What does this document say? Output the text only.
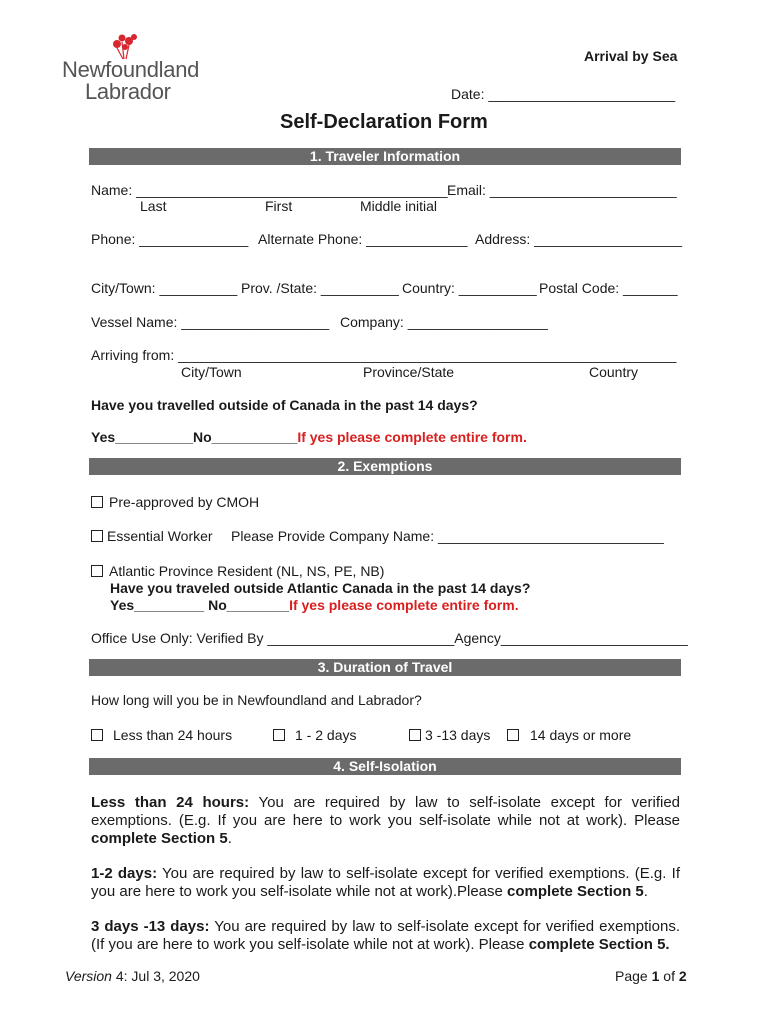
Newfoundland
Labrador
Arrival by Sea
Date: ________________________
Self-Declaration Form
1. Traveler Information
Name: ________________________________________ Email: ________________________
Last	First	Middle initial
Phone: ______________ Alternate Phone: _____________ Address: ___________________
City/Town: __________ Prov. /State: __________ Country: __________ Postal Code: _______
Vessel Name: ___________________ Company: __________________
Arriving from: ________________________________________________________________
City/Town	Province/State	Country
Have you travelled outside of Canada in the past 14 days?
Yes__________No___________If yes please complete entire form.
2. Exemptions
Pre-approved by CMOH
Essential Worker Please Provide Company Name: _____________________________
Atlantic Province Resident (NL, NS, PE, NB)
Have you traveled outside Atlantic Canada in the past 14 days?
Yes_________ No________If yes please complete entire form.
Office Use Only: Verified By ________________________Agency________________________
3. Duration of Travel
How long will you be in Newfoundland and Labrador?
Less than 24 hours	1 - 2 days	3 -13 days	14 days or more
4. Self-Isolation
Less than 24 hours: You are required by law to self-isolate except for verified exemptions. (E.g. If you are here to work you self-isolate while not at work). Please complete Section 5.
1-2 days: You are required by law to self-isolate except for verified exemptions. (E.g. If you are here to work you self-isolate while not at work).Please complete Section 5.
3 days -13 days: You are required by law to self-isolate except for verified exemptions. (If you are here to work you self-isolate while not at work). Please complete Section 5.
Version 4: Jul 3, 2020	Page 1 of 2
